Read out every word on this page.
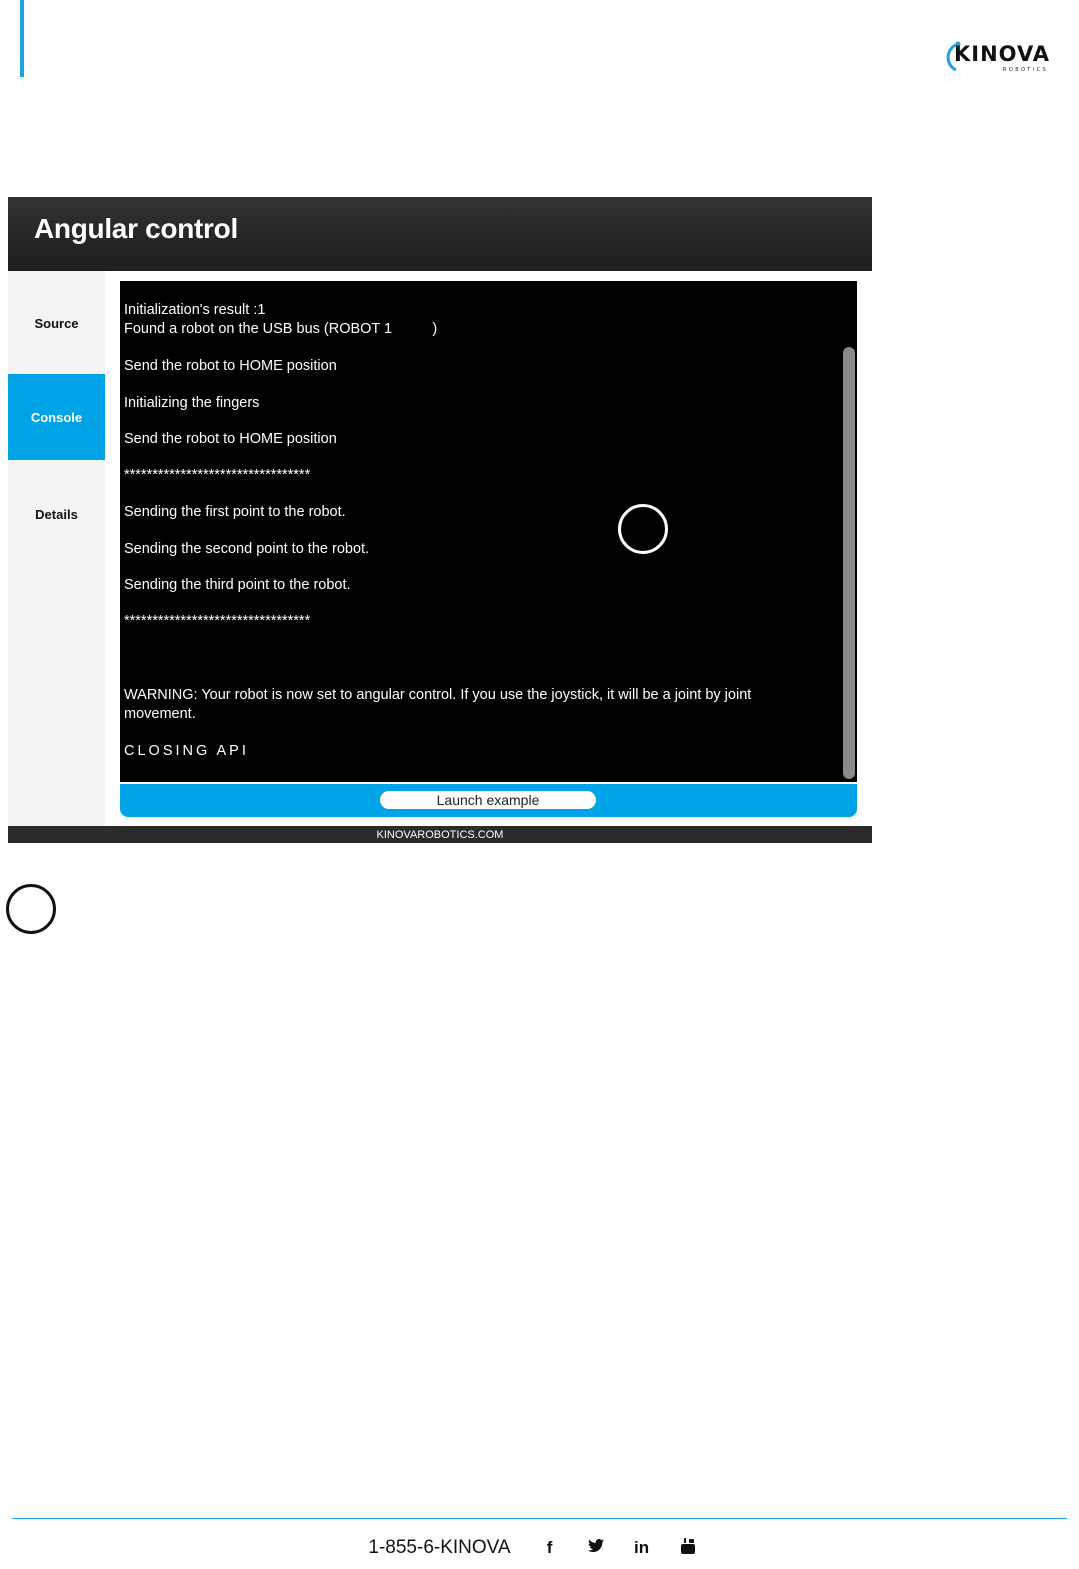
KINOVA
ROBOTICS
Angular control
Source
Console
Details
Initialization's result :1
Found a robot on the USB bus (ROBOT 1          )
Send the robot to HOME position
Initializing the fingers
Send the robot to HOME position
*********************************
Sending the first point to the robot.
Sending the second point to the robot.
Sending the third point to the robot.
*********************************
WARNING: Your robot is now set to angular control. If you use the joystick, it will be a joint by joint movement.
CLOSING API
Launch example
KINOVAROBOTICS.COM
1-855-6-KINOVA	f	in
